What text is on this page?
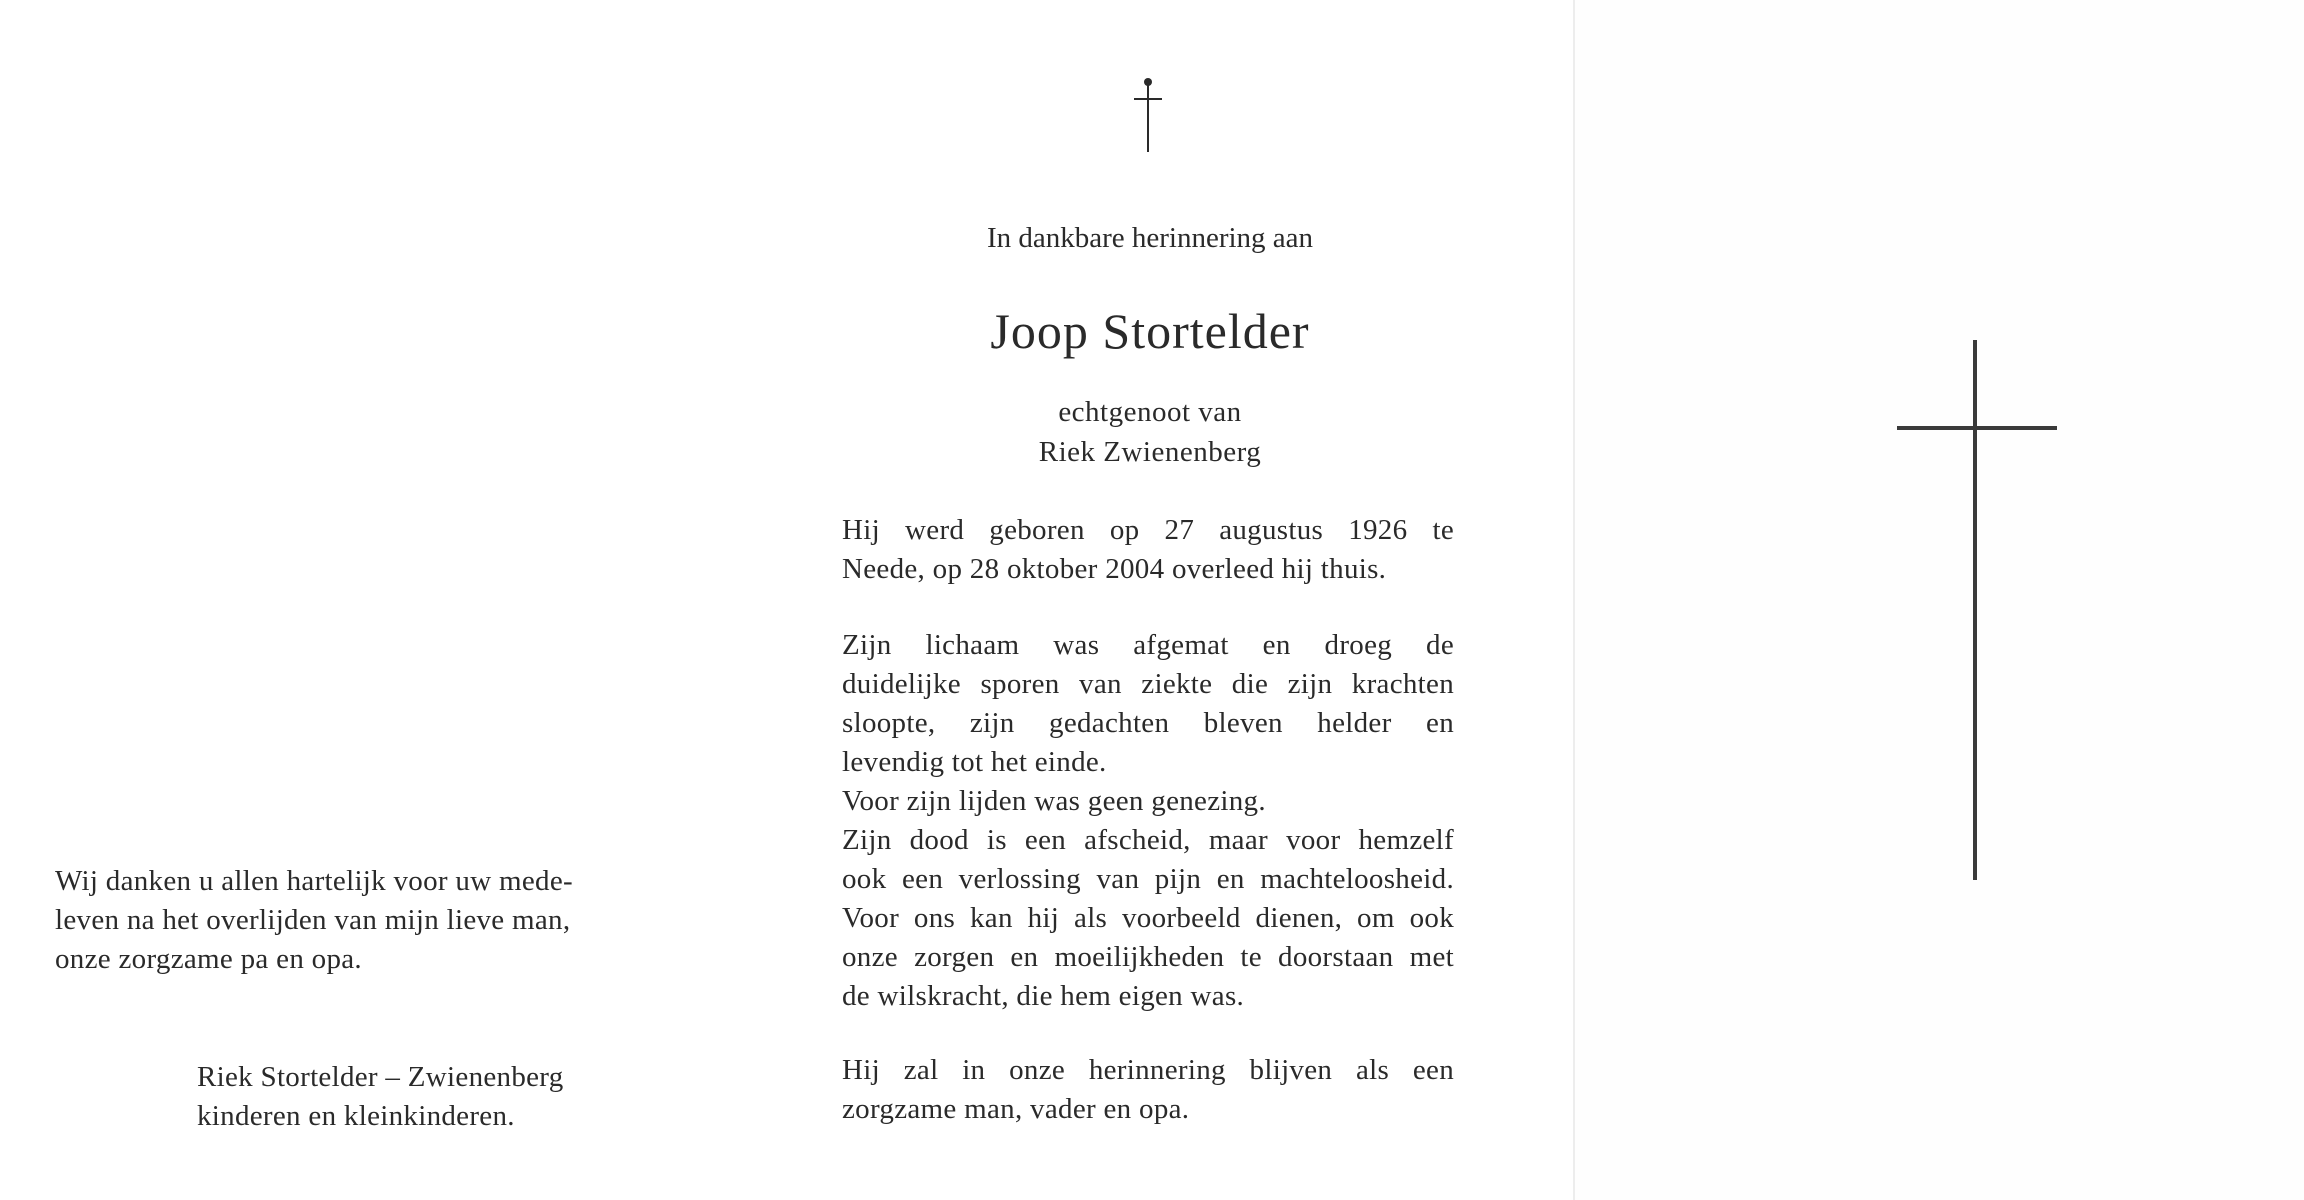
Wij danken u allen hartelijk voor uw mede-
leven na het overlijden van mijn lieve man,
onze zorgzame pa en opa.
Riek Stortelder – Zwienenberg
kinderen en kleinkinderen.
In dankbare herinnering aan
Joop Stortelder
echtgenoot van
Riek Zwienenberg
Hij werd geboren op 27 augustus 1926 te
Neede, op 28 oktober 2004 overleed hij thuis.
Zijn lichaam was afgemat en droeg de
duidelijke sporen van ziekte die zijn krachten
sloopte, zijn gedachten bleven helder en
levendig tot het einde.
Voor zijn lijden was geen genezing.
Zijn dood is een afscheid, maar voor hemzelf
ook een verlossing van pijn en machteloosheid.
Voor ons kan hij als voorbeeld dienen, om ook
onze zorgen en moeilijkheden te doorstaan met
de wilskracht, die hem eigen was.
Hij zal in onze herinnering blijven als een
zorgzame man, vader en opa.
